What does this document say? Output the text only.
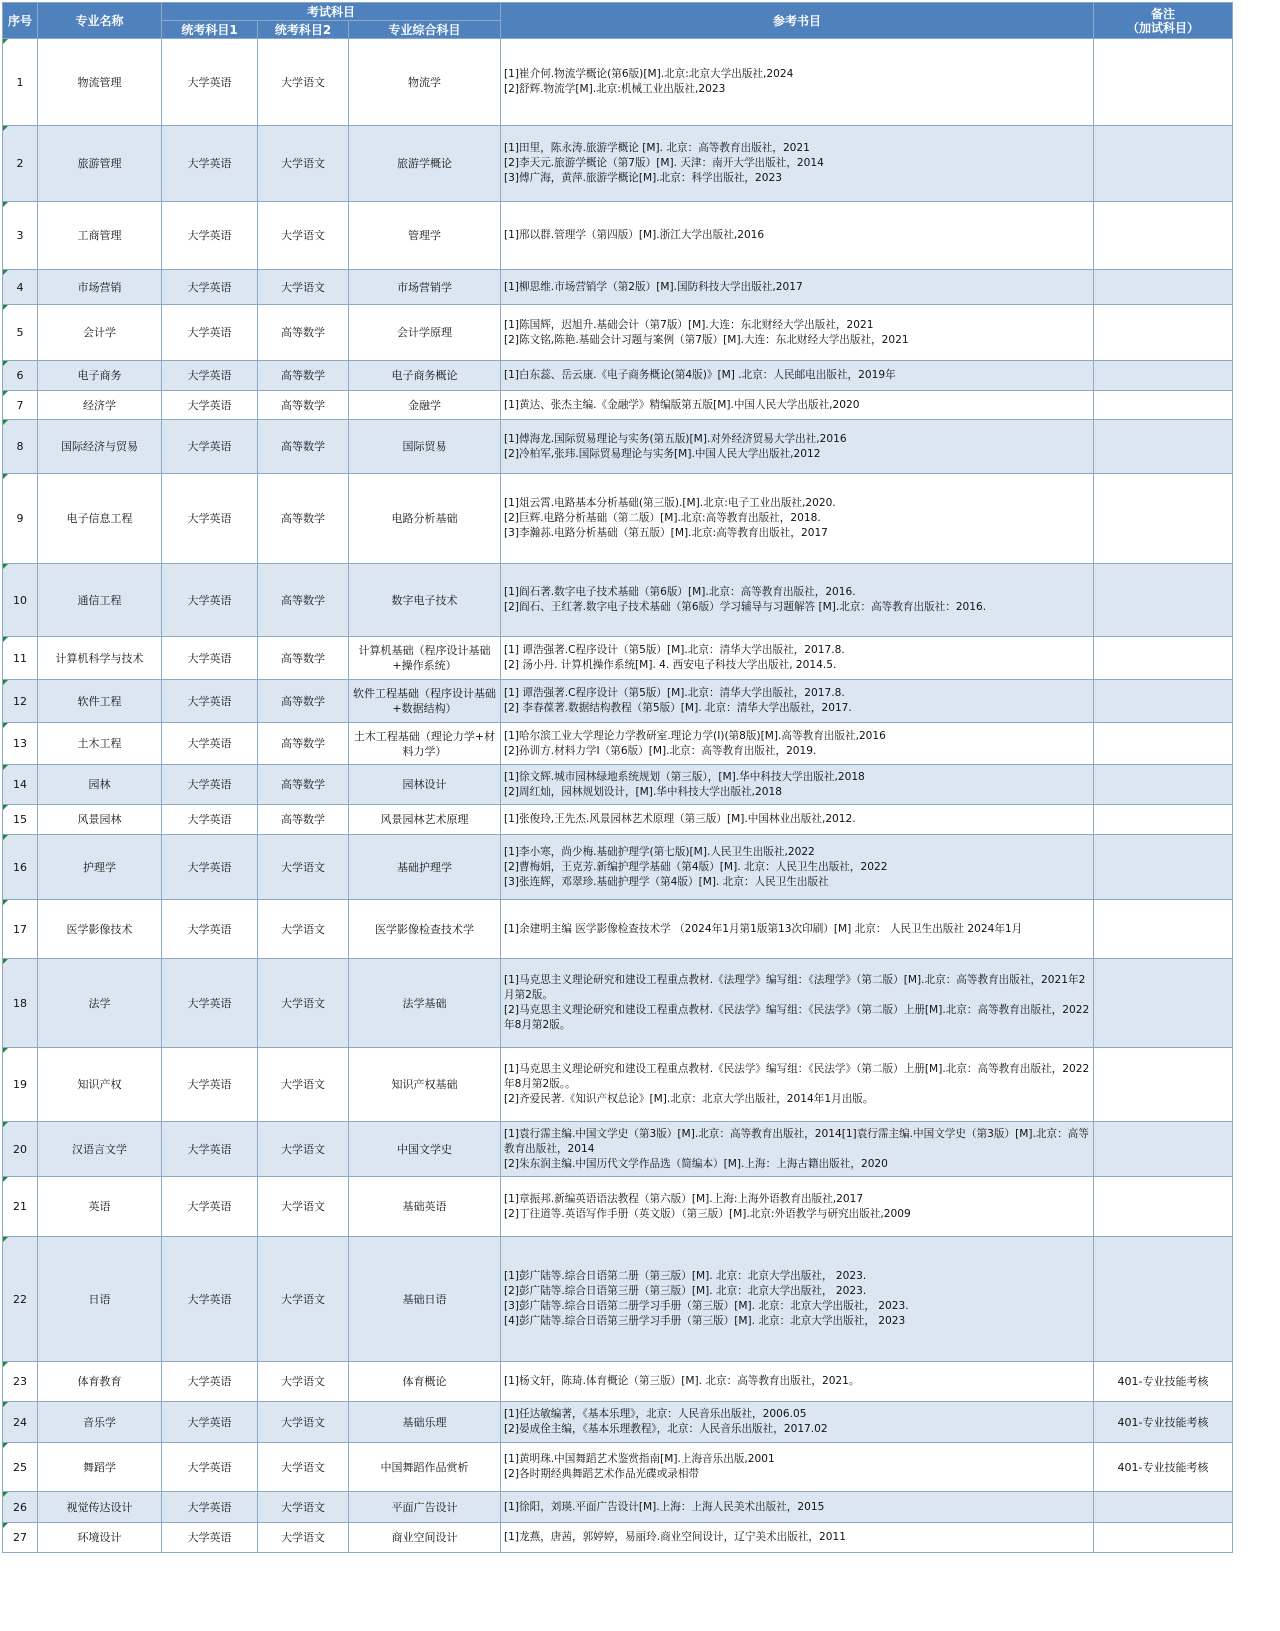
序号	专业名称	考试科目			参考书目	备注
（加试科目）
		统考科目1	统考科目2	专业综合科目		
1	物流管理	大学英语	大学语文	物流学	[1]崔介何.物流学概论(第6版)[M].北京:北京大学出版社,2024
[2]舒辉.物流学[M].北京:机械工业出版社,2023	
2	旅游管理	大学英语	大学语文	旅游学概论	[1]田里，陈永涛.旅游学概论 [M]. 北京：高等教育出版社，2021
[2]李天元.旅游学概论（第7版）[M]. 天津：南开大学出版社，2014
[3]傅广海，黄萍.旅游学概论[M].北京：科学出版社，2023	
3	工商管理	大学英语	大学语文	管理学	[1]邢以群.管理学（第四版）[M].浙江大学出版社,2016	
4	市场营销	大学英语	大学语文	市场营销学	[1]柳思维.市场营销学（第2版）[M].国防科技大学出版社,2017	
5	会计学	大学英语	高等数学	会计学原理	[1]陈国辉，迟旭升.基础会计（第7版）[M].大连：东北财经大学出版社，2021
[2]陈文铭,陈艳.基础会计习题与案例（第7版）[M].大连：东北财经大学出版社，2021	
6	电子商务	大学英语	高等数学	电子商务概论	[1]白东蕊、岳云康.《电子商务概论(第4版)》[M] .北京：人民邮电出版社，2019年	
7	经济学	大学英语	高等数学	金融学	[1]黄达、张杰主编.《金融学》精编版第五版[M].中国人民大学出版社,2020	
8	国际经济与贸易	大学英语	高等数学	国际贸易	[1]傅海龙.国际贸易理论与实务(第五版)[M].对外经济贸易大学出社,2016
[2]冷柏军,张玮.国际贸易理论与实务[M].中国人民大学出版社,2012	
9	电子信息工程	大学英语	高等数学	电路分析基础	[1]俎云霄.电路基本分析基础(第三版).[M].北京:电子工业出版社,2020.
[2]巨辉.电路分析基础（第二版）[M].北京:高等教育出版社，2018.
[3]李瀚荪.电路分析基础（第五版）[M].北京:高等教育出版社，2017	
10	通信工程	大学英语	高等数学	数字电子技术	[1]阎石著.数字电子技术基础（第6版）[M].北京：高等教育出版社，2016.
[2]阎石、王红著.数字电子技术基础（第6版）学习辅导与习题解答 [M].北京：高等教育出版社：2016.	
11	计算机科学与技术	大学英语	高等数学	计算机基础（程序设计基础+操作系统）	[1] 谭浩强著.C程序设计（第5版）[M].北京：清华大学出版社，2017.8.
[2] 汤小丹. 计算机操作系统[M]. 4. 西安电子科技大学出版社, 2014.5.	
12	软件工程	大学英语	高等数学	软件工程基础（程序设计基础+数据结构）	[1] 谭浩强著.C程序设计（第5版）[M].北京：清华大学出版社，2017.8.
[2] 李春葆著.数据结构教程（第5版）[M]. 北京：清华大学出版社，2017.	
13	土木工程	大学英语	高等数学	土木工程基础（理论力学+材料力学）	[1]哈尔滨工业大学理论力学教研室.理论力学(I)(第8版)[M].高等教育出版社,2016
[2]孙训方.材料力学I（第6版）[M].北京：高等教育出版社，2019.	
14	园林	大学英语	高等数学	园林设计	[1]徐文辉.城市园林绿地系统规划（第三版），[M].华中科技大学出版社,2018
[2]周红灿，园林规划设计，[M].华中科技大学出版社,2018	
15	风景园林	大学英语	高等数学	风景园林艺术原理	[1]张俊玲,王先杰.风景园林艺术原理（第三版）[M].中国林业出版社,2012.	
16	护理学	大学英语	大学语文	基础护理学	[1]李小寒，尚少梅.基础护理学(第七版)[M].人民卫生出版社,2022
[2]曹梅娟，王克芳.新编护理学基础（第4版）[M]. 北京：人民卫生出版社，2022
[3]张连辉，邓翠珍.基础护理学（第4版）[M]. 北京：人民卫生出版社	
17	医学影像技术	大学英语	大学语文	医学影像检查技术学	[1]余建明主编 医学影像检查技术学 （2024年1月第1版第13次印刷）[M] 北京： 人民卫生出版社 2024年1月	
18	法学	大学英语	大学语文	法学基础	[1]马克思主义理论研究和建设工程重点教材.《法理学》编写组：《法理学》（第二版）[M].北京：高等教育出版社，2021年2月第2版。
[2]马克思主义理论研究和建设工程重点教材.《民法学》编写组：《民法学》（第二版）上册[M].北京：高等教育出版社，2022年8月第2版。	
19	知识产权	大学英语	大学语文	知识产权基础	[1]马克思主义理论研究和建设工程重点教材.《民法学》编写组：《民法学》（第二版）上册[M].北京：高等教育出版社，2022年8月第2版。。
[2]齐爱民著.《知识产权总论》[M].北京：北京大学出版社，2014年1月出版。	
20	汉语言文学	大学英语	大学语文	中国文学史	[1]袁行霈主编.中国文学史（第3版）[M].北京：高等教育出版社，2014[1]袁行霈主编.中国文学史（第3版）[M].北京：高等教育出版社，2014
[2]朱东润主编.中国历代文学作品选（简编本）[M].上海：上海古籍出版社，2020	
21	英语	大学英语	大学语文	基础英语	[1]章振邦.新编英语语法教程（第六版）[M].上海:上海外语教育出版社,2017
[2]丁往道等.英语写作手册（英文版）（第三版）[M].北京:外语教学与研究出版社,2009	
22	日语	大学英语	大学语文	基础日语	[1]彭广陆等.综合日语第二册（第三版）[M]. 北京：北京大学出版社， 2023.
[2]彭广陆等.综合日语第三册（第三版）[M]. 北京：北京大学出版社， 2023.
[3]彭广陆等.综合日语第二册学习手册（第三版）[M]. 北京：北京大学出版社， 2023.
[4]彭广陆等.综合日语第三册学习手册（第三版）[M]. 北京：北京大学出版社， 2023	
23	体育教育	大学英语	大学语文	体育概论	[1]杨文轩，陈琦.体育概论（第三版）[M]. 北京：高等教育出版社，2021。	401-专业技能考核
24	音乐学	大学英语	大学语文	基础乐理	[1]任达敏编著，《基本乐理》，北京：人民音乐出版社，2006.05
[2]晏成佺主编，《基本乐理教程》，北京：人民音乐出版社，2017.02	401-专业技能考核
25	舞蹈学	大学英语	大学语文	中国舞蹈作品赏析	[1]黄明珠.中国舞蹈艺术鉴赏指南[M].上海音乐出版,2001
[2]各时期经典舞蹈艺术作品光碟或录相带	401-专业技能考核
26	视觉传达设计	大学英语	大学语文	平面广告设计	[1]徐阳，刘瑛.平面广告设计[M].上海：上海人民美术出版社，2015	
27	环境设计	大学英语	大学语文	商业空间设计	[1]龙燕，唐茜，郭婷婷，易丽玲.商业空间设计，辽宁美术出版社，2011	
